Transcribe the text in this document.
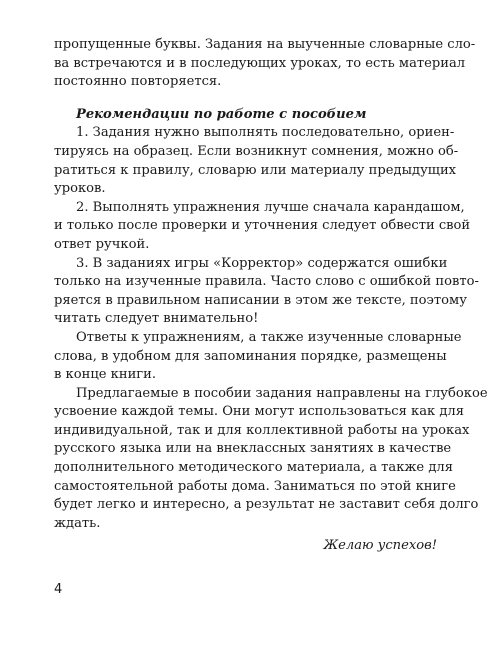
пропущенные буквы. Задания на выученные словарные сло-
ва встречаются и в последующих уроках, то есть материал
постоянно повторяется.
Рекомендации по работе с пособием
1. Задания нужно выполнять последовательно, ориен-
тируясь на образец. Если возникнут сомнения, можно об-
ратиться к правилу, словарю или материалу предыдущих
уроков.
2. Выполнять упражнения лучше сначала карандашом,
и только после проверки и уточнения следует обвести свой
ответ ручкой.
3. В заданиях игры «Корректор» содержатся ошибки
только на изученные правила. Часто слово с ошибкой повто-
ряется в правильном написании в этом же тексте, поэтому
читать следует внимательно!
Ответы к упражнениям, а также изученные словарные
слова, в удобном для запоминания порядке, размещены
в конце книги.
Предлагаемые в пособии задания направлены на глубокое
усвоение каждой темы. Они могут использоваться как для
индивидуальной, так и для коллективной работы на уроках
русского языка или на внеклассных занятиях в качестве
дополнительного методического материала, а также для
самостоятельной работы дома. Заниматься по этой книге
будет легко и интересно, а результат не заставит себя долго
ждать.
Желаю успехов!
4
